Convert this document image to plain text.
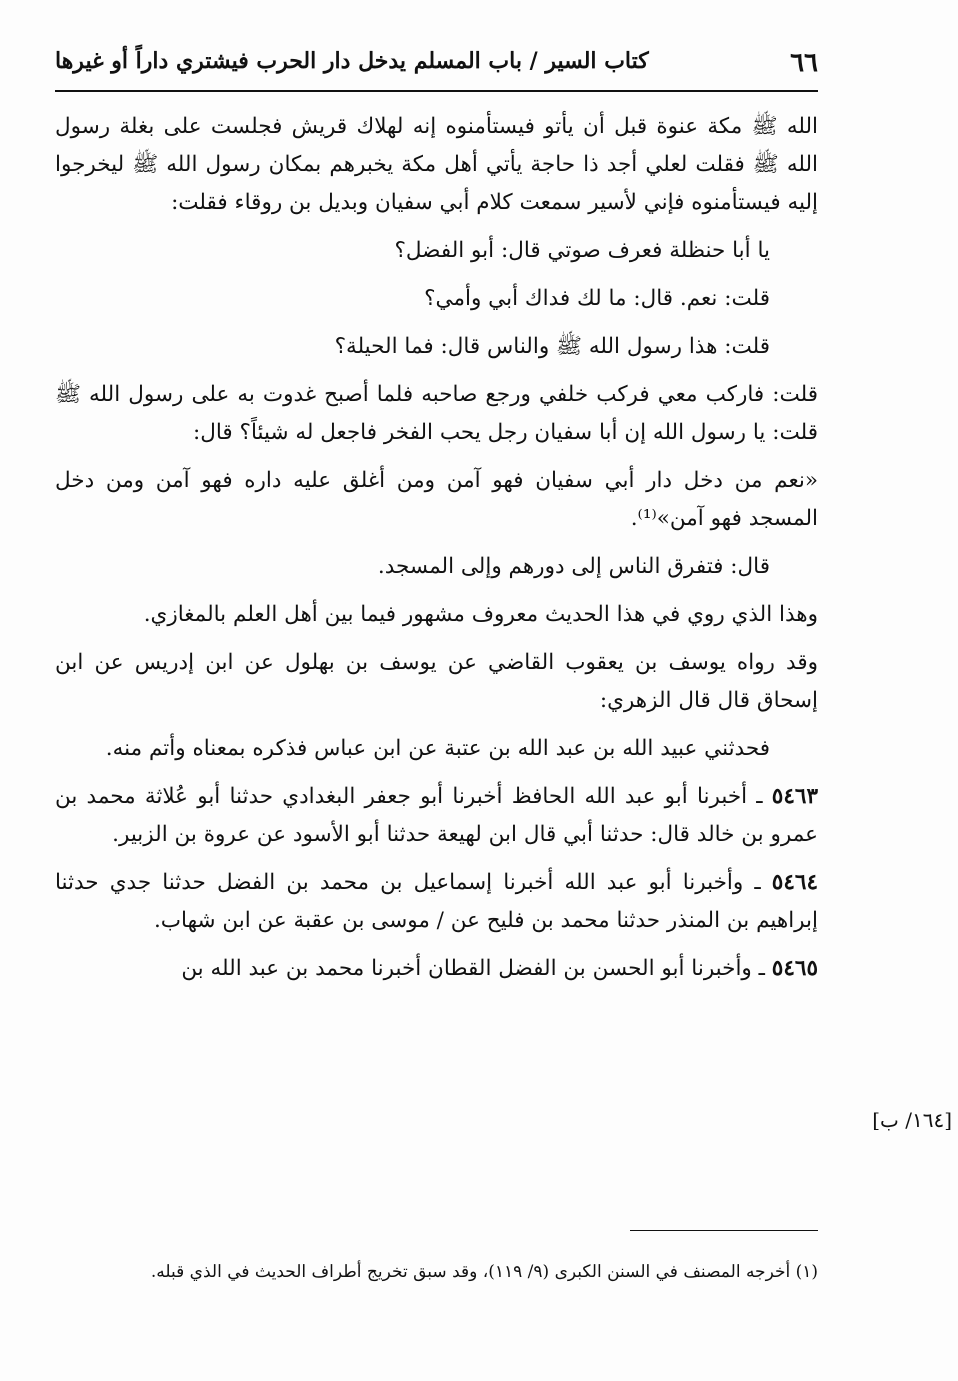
٦٦
كتاب السير / باب المسلم يدخل دار الحرب فيشتري داراً أو غيرها

الله ﷺ مكة عنوة قبل أن يأتو فيستأمنوه إنه لهلاك قريش فجلست على بغلة رسول الله ﷺ فقلت لعلي أجد ذا حاجة يأتي أهل مكة يخبرهم بمكان رسول الله ﷺ ليخرجوا إليه فيستأمنوه فإني لأسير سمعت كلام أبي سفيان وبديل بن روقاء فقلت:

يا أبا حنظلة فعرف صوتي قال: أبو الفضل؟

قلت: نعم. قال: ما لك فداك أبي وأمي؟

قلت: هذا رسول الله ﷺ والناس قال: فما الحيلة؟

قلت: فاركب معي فركب خلفي ورجع صاحبه فلما أصبح غدوت به على رسول الله ﷺ قلت: يا رسول الله إن أبا سفيان رجل يحب الفخر فاجعل له شيئاً؟ قال:

«نعم من دخل دار أبي سفيان فهو آمن ومن أغلق عليه داره فهو آمن ومن دخل المسجد فهو آمن»⁽¹⁾.

قال: فتفرق الناس إلى دورهم وإلى المسجد.

وهذا الذي روي في هذا الحديث معروف مشهور فيما بين أهل العلم بالمغازي.

وقد رواه يوسف بن يعقوب القاضي عن يوسف بن بهلول عن ابن إدريس عن ابن إسحاق قال قال الزهري:

فحدثني عبيد الله بن عبد الله بن عتبة عن ابن عباس فذكره بمعناه وأتم منه.

٥٤٦٣ ـ أخبرنا أبو عبد الله الحافظ أخبرنا أبو جعفر البغدادي حدثنا أبو عُلاثة محمد بن عمرو بن خالد قال: حدثنا أبي قال ابن لهيعة حدثنا أبو الأسود عن عروة بن الزبير.

٥٤٦٤ ـ وأخبرنا أبو عبد الله أخبرنا إسماعيل بن محمد بن الفضل حدثنا جدي حدثنا إبراهيم بن المنذر حدثنا محمد بن فليح عن / موسى بن عقبة عن ابن شهاب.

٥٤٦٥ ـ وأخبرنا أبو الحسن بن الفضل القطان أخبرنا محمد بن عبد الله بن

[١٦٤/ ب]
(١) أخرجه المصنف في السنن الكبرى (٩/ ١١٩)، وقد سبق تخريج أطراف الحديث في الذي قبله.
